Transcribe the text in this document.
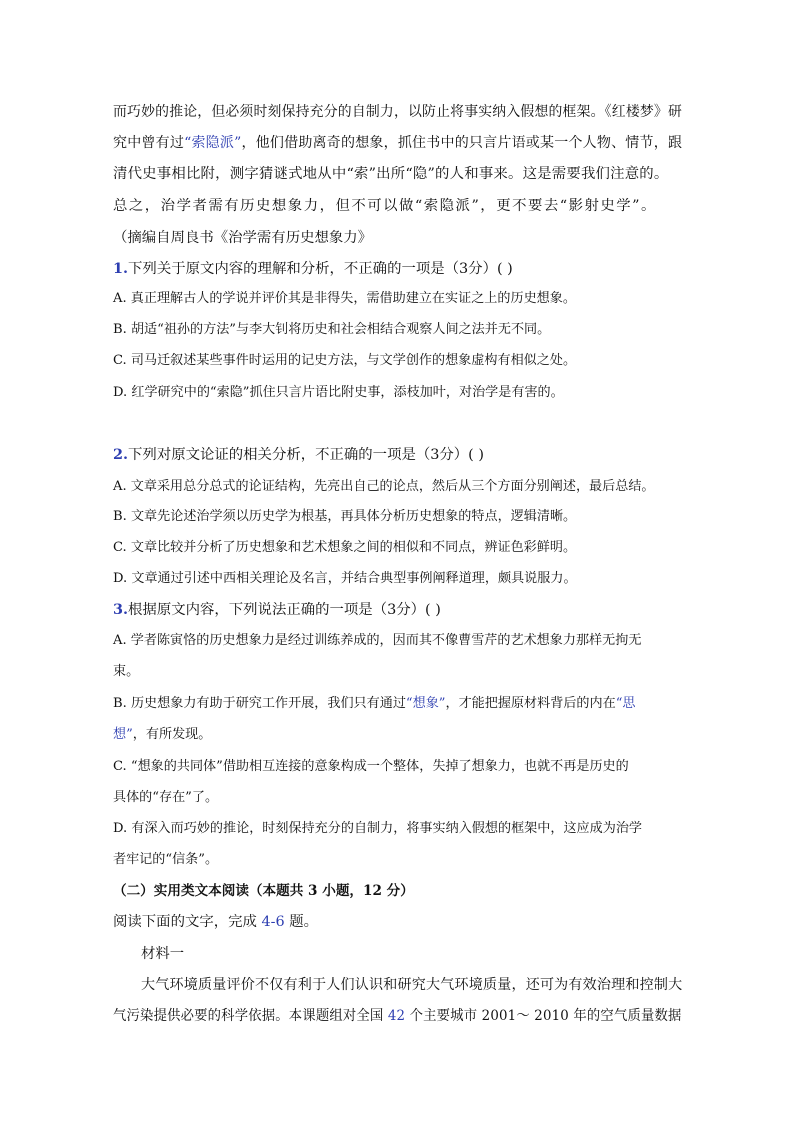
而巧妙的推论，但必须时刻保持充分的自制力，以防止将事实纳入假想的框架。《红楼梦》研
究中曾有过“索隐派”，他们借助离奇的想象，抓住书中的只言片语或某一个人物、情节，跟
清代史事相比附，测字猜谜式地从中“索”出所“隐”的人和事来。这是需要我们注意的。
总之，治学者需有历史想象力，但不可以做“索隐派”，更不要去“影射史学”。
（摘编自周良书《治学需有历史想象力》
1.下列关于原文内容的理解和分析，不正确的一项是（3分）( )
A. 真正理解古人的学说并评价其是非得失，需借助建立在实证之上的历史想象。
B. 胡适“祖孙的方法”与李大钊将历史和社会相结合观察人间之法并无不同。
C. 司马迁叙述某些事件时运用的记史方法，与文学创作的想象虚构有相似之处。
D. 红学研究中的“索隐”抓住只言片语比附史事，添枝加叶，对治学是有害的。
2.下列对原文论证的相关分析，不正确的一项是（3分）( )
A. 文章采用总分总式的论证结构，先亮出自己的论点，然后从三个方面分别阐述，最后总结。
B. 文章先论述治学须以历史学为根基，再具体分析历史想象的特点，逻辑清晰。
C. 文章比较并分析了历史想象和艺术想象之间的相似和不同点，辨证色彩鲜明。
D. 文章通过引述中西相关理论及名言，并结合典型事例阐释道理，颇具说服力。
3.根据原文内容，下列说法正确的一项是（3分）( )
A. 学者陈寅恪的历史想象力是经过训练养成的，因而其不像曹雪芹的艺术想象力那样无拘无
束。
B. 历史想象力有助于研究工作开展，我们只有通过“想象”，才能把握原材料背后的内在“思
想”，有所发现。
C. “想象的共同体”借助相互连接的意象构成一个整体，失掉了想象力，也就不再是历史的
具体的“存在”了。
D. 有深入而巧妙的推论，时刻保持充分的自制力，将事实纳入假想的框架中，这应成为治学
者牢记的“信条”。
（二）实用类文本阅读（本题共 3 小题，12 分）
阅读下面的文字，完成 4-6 题。
材料一
大气环境质量评价不仅有利于人们认识和研究大气环境质量，还可为有效治理和控制大
气污染提供必要的科学依据。本课题组对全国 42 个主要城市 2001～ 2010 年的空气质量数据
